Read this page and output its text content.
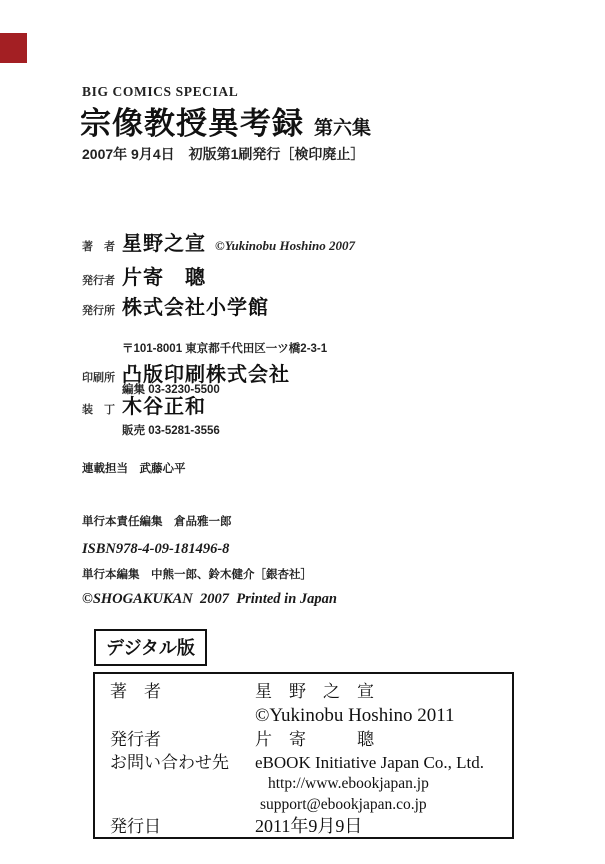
BIG COMICS SPECIAL
宗像教授異考録 第六集
2007年 9月4日　初版第1刷発行［検印廃止］
著　者 星野之宣 ©Yukinobu Hoshino 2007
発行者 片寄　聰
発行所 株式会社小学館

〒101-8001 東京都千代田区一ツ橋2-3-1

編集 03-3230-5500

販売 03-5281-3556

印刷所 凸版印刷株式会社
装　丁 木谷正和

連載担当　武藤心平

単行本責任編集　倉品雅一郎

単行本編集　中熊一郎、鈴木健介［銀杏社］

ISBN978-4-09-181496-8

©SHOGAKUKAN  2007  Printed in Japan

デジタル版
著　者	星　野　之　宣
©Yukinobu Hoshino 2011
発行者	片　寄　　　聰
お問い合わせ先	eBOOK Initiative Japan Co., Ltd.
http://www.ebookjapan.jp
support@ebookjapan.co.jp
発行日	2011年9月9日
